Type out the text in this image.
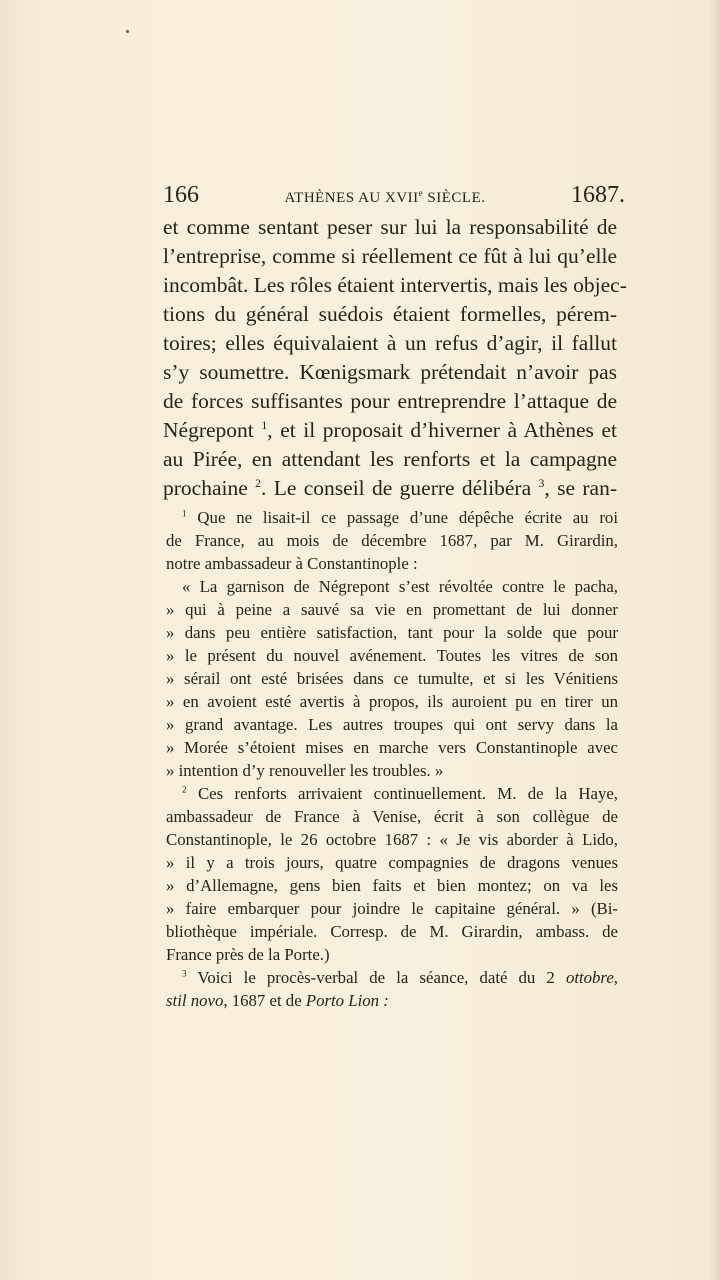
166	ATHÈNES AU XVIIe SIÈCLE.	1687.
et comme sentant peser sur lui la responsabilité de
l’entreprise, comme si réellement ce fût à lui qu’elle
incombât. Les rôles étaient intervertis, mais les objec-
tions du général suédois étaient formelles, pérem-
toires; elles équivalaient à un refus d’agir, il fallut
s’y soumettre. Kœnigsmark prétendait n’avoir pas
de forces suffisantes pour entreprendre l’attaque de
Négrepont $^1$, et il proposait d’hiverner à Athènes et
au Pirée, en attendant les renforts et la campagne
prochaine $^2$. Le conseil de guerre délibéra $^3$, se ran-
$^1$ Que ne lisait-il ce passage d’une dépêche écrite au roi
de France, au mois de décembre 1687, par M. Girardin,
notre ambassadeur à Constantinople :
« La garnison de Négrepont s’est révoltée contre le pacha,
» qui à peine a sauvé sa vie en promettant de lui donner
» dans peu entière satisfaction, tant pour la solde que pour
» le présent du nouvel avénement. Toutes les vitres de son
» sérail ont esté brisées dans ce tumulte, et si les Vénitiens
» en avoient esté avertis à propos, ils auroient pu en tirer un
» grand avantage. Les autres troupes qui ont servy dans la
» Morée s’étoient mises en marche vers Constantinople avec
» intention d’y renouveller les troubles. »
$^2$ Ces renforts arrivaient continuellement. M. de la Haye,
ambassadeur de France à Venise, écrit à son collègue de
Constantinople, le 26 octobre 1687 : « Je vis aborder à Lido,
» il y a trois jours, quatre compagnies de dragons venues
» d’Allemagne, gens bien faits et bien montez; on va les
» faire embarquer pour joindre le capitaine général. » (Bi-
bliothèque impériale. Corresp. de M. Girardin, ambass. de
France près de la Porte.)
$^3$ Voici le procès-verbal de la séance, daté du 2 ottobre,
stil novo, 1687 et de Porto Lion :
